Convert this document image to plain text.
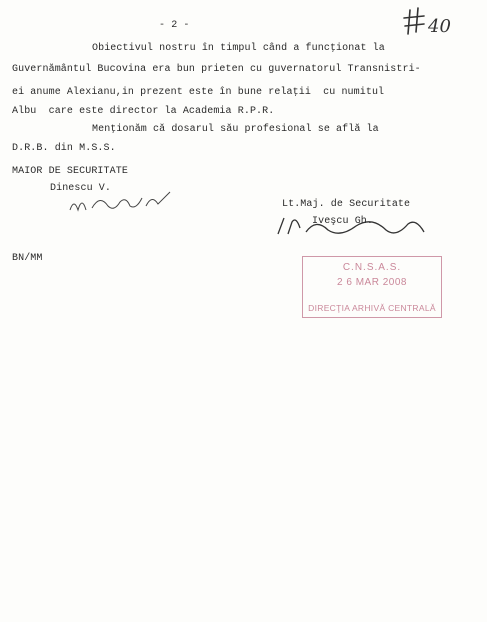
- 2 -	40
Obiectivul nostru în timpul când a funcţionat la
Guvernământul Bucovina era bun prieten cu guvernatorul Transnistri-
ei anume Alexianu,in prezent este în bune relaţii  cu numitul
Albu  care este director la Academia R.P.R.
Menţionăm că dosarul său profesional se află la
D.R.B. din M.S.S.
MAIOR DE SECURITATE
Dinescu V.
Lt.Maj. de Securitate
Iveşcu Gh.
BN/MM
C.N.S.A.S.
2 6 MAR 2008
DIRECŢIA ARHIVĂ CENTRALĂ
